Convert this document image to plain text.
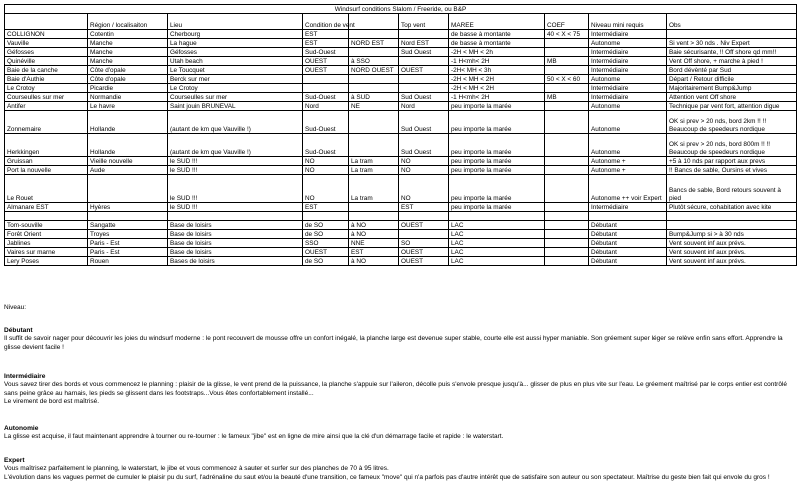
Windsurf conditions Slalom / Freeride, ou B&P									
	Région / localisaiton	Lieu	Condition de vent		Top vent	MAREE	COEF	Niveau mini requis	Obs
COLLIGNON	Cotentin	Cherbourg	EST			de basse à montante	40 < X < 75	Intermédiaire	
Vauville	Manche	La hague	EST	NORD EST	Nord EST	de basse à montante		Autonome	Si vent > 30 nds . Niv Expert
Géfosses	Manche	Géfosses	Sud-Ouest		Sud Ouest	-2H < MH < 2h		Intermédiaire	Baie sécurisante, !! Off shore qd mm!!
Quinéville	Manche	Utah beach	OUEST	à SSO		-1 H<mh< 2H	MB	Intermédiaire	Vent Off shore, + marche à pied !
Baie de la canche	Côte d'opale	Le Toucquet	OUEST	NORD OUEST	OUEST	-2H< MH < 3h		Intermédiaire	Bord dévènté par Sud
Baie d'Authie	Côte d'opale	Berck sur mer				-2H < MH < 2H	50 < X < 60	Autonome	Départ / Retour difficile
Le Crotoy	Picardie	Le Crotoy				-2H < MH < 2H		Intermédiaire	Majoritairement Bump&Jump
Courseulles sur mer	Normandie	Courseulles sur mer	Sud-Ouest	à SUD	Sud Ouest	-1 H<mh< 2H	MB	Intermédiaire	Attention vent Off shore
Antifer	Le havre	Saint jouin BRUNEVAL	Nord	NE	Nord	peu importe la marée		Autonome	Technique par vent fort, attention digue
Zonnemaire	Hollande	(autant de km que Vauville !)	Sud-Ouest		Sud Ouest	peu importe la marée		Autonome	OK si prev > 20 nds, bord 2km !! !! Beaucoup de speedeurs nordique
Herkkingen	Hollande	(autant de km que Vauville !)	Sud-Ouest		Sud Ouest	peu importe la marée		Autonome	OK si prev > 20 nds, bord 800m !! !! Beaucoup de speedeurs nordique
Gruissan	Vieille nouvelle	le SUD !!!	NO	La tram	NO	peu importe la marée		Autonome +	+5 à 10 nds par rapport aux prevs
Port la nouvelle	Aude	le SUD !!!	NO	La tram	NO	peu importe la marée		Autonome +	!! Bancs de sable, Oursins et vives
Le Rouet		le SUD !!!	NO	La tram	NO	peu importe la marée		Autonome ++ voir Expert	Bancs de sable, Bord retours souvent à pied
Almanare EST	Hyères	le SUD !!!	EST		EST	peu importe la marée		Intermédiaire	Plutôt sécure, cohabitation avec kite

Tom-souville	Sangatte	Base de loisirs	de SO	à NO	OUEST	LAC		Débutant	
Forêt Orient	Troyes	Base de loisirs	de SO	à NO		LAC		Débutant	Bump&Jump si > à 30 nds
Jablines	Paris - Est	Base de loisirs	SSO	NNE	SO	LAC		Débutant	Vent souvent inf aux prévs.
Vaires sur marne	Paris - Est	Base de loisirs	OUEST	EST	OUEST	LAC		Débutant	Vent souvent inf aux prévs.
Lery Poses	Rouen	Bases de loisirs	de SO	à NO	OUEST	LAC		Débutant	Vent souvent inf aux prévs.

Niveau:

Débutant

Il suffit de savoir nager pour découvrir les joies du windsurf moderne : le pont recouvert de mousse offre un confort inégalé, la planche large est devenue super stable, courte elle est aussi hyper maniable. Son gréement super léger se relève enfin sans effort. Apprendre la glisse devient facile !

Intermédiaire

Vous savez tirer des bords et vous commencez le planning : plaisir de la glisse, le vent prend de la puissance, la planche s'appuie sur l'aileron, décolle puis s'envole presque jusqu'à... glisser de plus en plus vite sur l'eau. Le gréement maîtrisé par le corps entier est contrôlé sans peine grâce au harnais, les pieds se glissent dans les footstraps...Vous êtes confortablement installé...

Le virement de bord est maîtrisé.

Autonomie

La glisse est acquise, il faut maintenant apprendre à tourner ou re-tourner : le fameux "jibe" est en ligne de mire ainsi que la clé d'un démarrage facile et rapide : le waterstart.

Expert

Vous maîtrisez parfaitement le planning, le waterstart, le jibe et vous commencez à sauter et surfer sur des planches de 70 à 95 litres.

L'évolution dans les vagues permet de cumuler le plaisir pu du surf, l'adrénaline du saut et/ou la beauté d'une transition, ce fameux "move" qui n'a parfois pas d'autre intérêt que de satisfaire son auteur ou son spectateur. Maîtrise du geste bien fait qui envole du gros !
